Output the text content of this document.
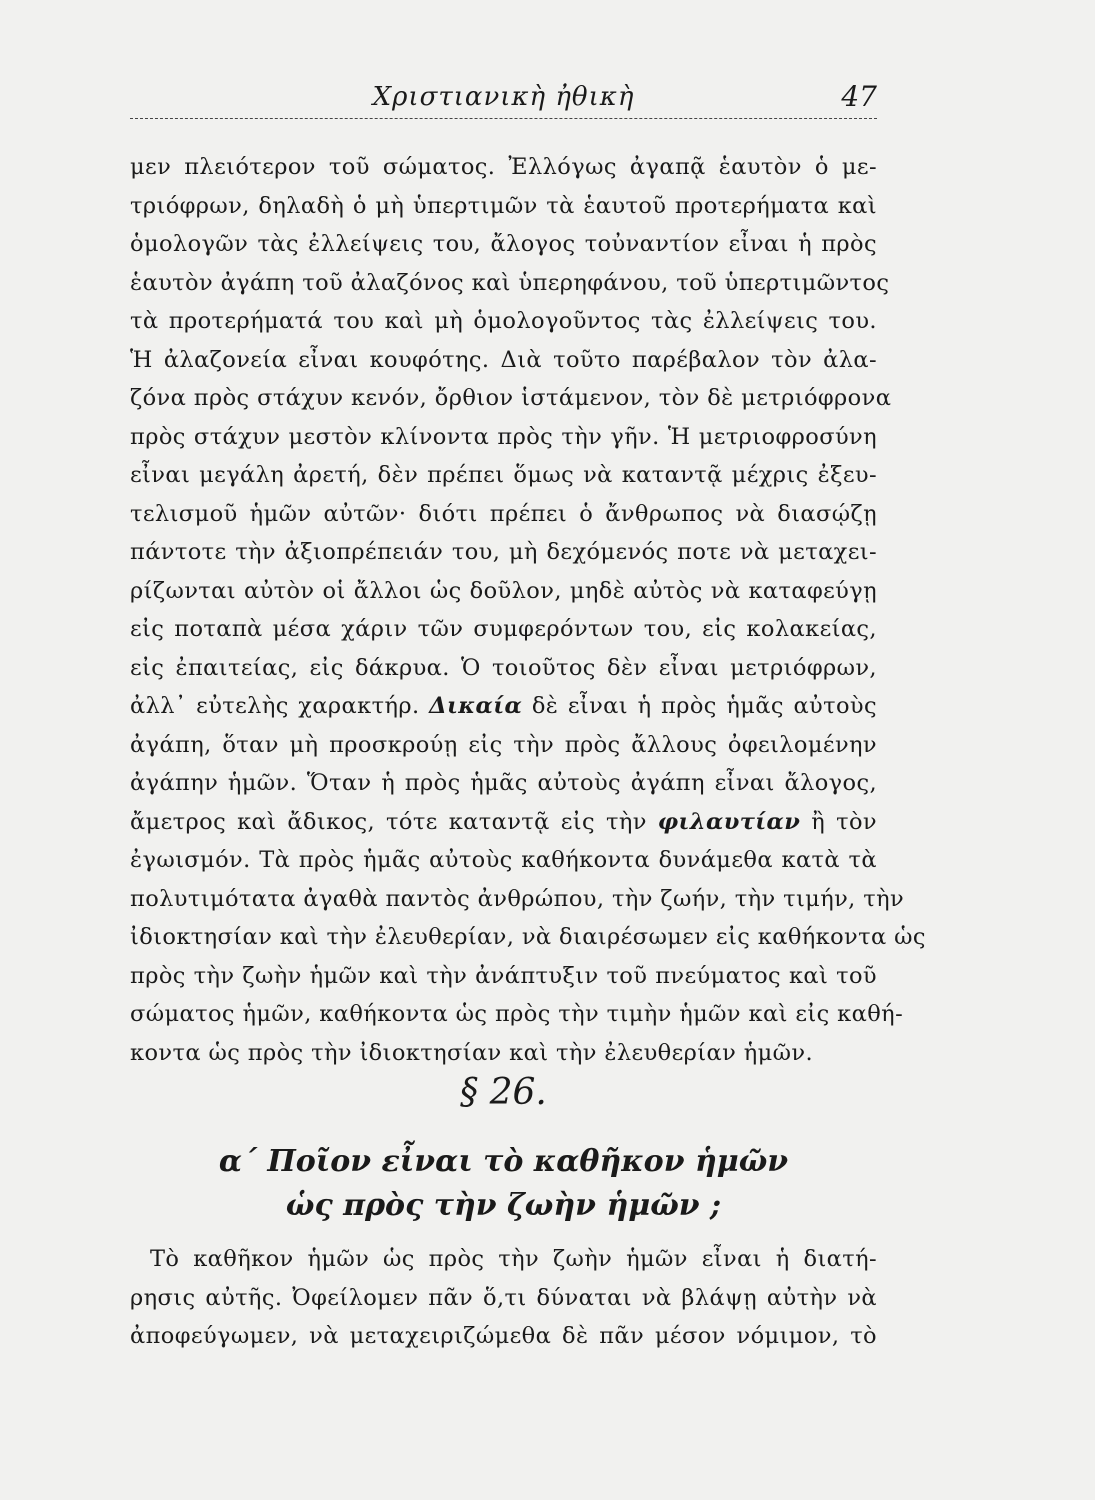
Χριστιανικὴ ἠθικὴ	47
μεν πλειότερον τοῦ σώματος. Ἐλλόγως ἀγαπᾷ ἑαυτὸν ὁ με-
τριόφρων, δηλαδὴ ὁ μὴ ὑπερτιμῶν τὰ ἑαυτοῦ προτερήματα καὶ
ὁμολογῶν τὰς ἐλλείψεις του, ἄλογος τοὐναντίον εἶναι ἡ πρὸς
ἑαυτὸν ἀγάπη τοῦ ἀλαζόνος καὶ ὑπερηφάνου, τοῦ ὑπερτιμῶντος
τὰ προτερήματά του καὶ μὴ ὁμολογοῦντος τὰς ἐλλείψεις του.
Ἡ ἀλαζονεία εἶναι κουφότης. Διὰ τοῦτο παρέβαλον τὸν ἀλα-
ζόνα πρὸς στάχυν κενόν, ὄρθιον ἱστάμενον, τὸν δὲ μετριόφρονα
πρὸς στάχυν μεστὸν κλίνοντα πρὸς τὴν γῆν. Ἡ μετριοφροσύνη
εἶναι μεγάλη ἀρετή, δὲν πρέπει ὅμως νὰ καταντᾷ μέχρις ἐξευ-
τελισμοῦ ἡμῶν αὐτῶν· διότι πρέπει ὁ ἄνθρωπος νὰ διασῴζῃ
πάντοτε τὴν ἀξιοπρέπειάν του, μὴ δεχόμενός ποτε νὰ μεταχει-
ρίζωνται αὐτὸν οἱ ἄλλοι ὡς δοῦλον, μηδὲ αὐτὸς νὰ καταφεύγῃ
εἰς ποταπὰ μέσα χάριν τῶν συμφερόντων του, εἰς κολακείας,
εἰς ἐπαιτείας, εἰς δάκρυα. Ὁ τοιοῦτος δὲν εἶναι μετριόφρων,
ἀλλ᾽ εὐτελὴς χαρακτήρ. Δικαία δὲ εἶναι ἡ πρὸς ἡμᾶς αὐτοὺς
ἀγάπη, ὅταν μὴ προσκρούῃ εἰς τὴν πρὸς ἄλλους ὀφειλομένην
ἀγάπην ἡμῶν. Ὅταν ἡ πρὸς ἡμᾶς αὐτοὺς ἀγάπη εἶναι ἄλογος,
ἄμετρος καὶ ἄδικος, τότε καταντᾷ εἰς τὴν φιλαυτίαν ἢ τὸν
ἐγωισμόν. Τὰ πρὸς ἡμᾶς αὐτοὺς καθήκοντα δυνάμεθα κατὰ τὰ
πολυτιμότατα ἀγαθὰ παντὸς ἀνθρώπου, τὴν ζωήν, τὴν τιμήν, τὴν
ἰδιοκτησίαν καὶ τὴν ἐλευθερίαν, νὰ διαιρέσωμεν εἰς καθήκοντα ὡς
πρὸς τὴν ζωὴν ἡμῶν καὶ τὴν ἀνάπτυξιν τοῦ πνεύματος καὶ τοῦ
σώματος ἡμῶν, καθήκοντα ὡς πρὸς τὴν τιμὴν ἡμῶν καὶ εἰς καθή-
κοντα ὡς πρὸς τὴν ἰδιοκτησίαν καὶ τὴν ἐλευθερίαν ἡμῶν.
§ 26.
α΄ Ποῖον εἶναι τὸ καθῆκον ἡμῶν
ὡς πρὸς τὴν ζωὴν ἡμῶν ;
Τὸ καθῆκον ἡμῶν ὡς πρὸς τὴν ζωὴν ἡμῶν εἶναι ἡ διατή-
ρησις αὐτῆς. Ὀφείλομεν πᾶν ὅ,τι δύναται νὰ βλάψῃ αὐτὴν νὰ
ἀποφεύγωμεν, νὰ μεταχειριζώμεθα δὲ πᾶν μέσον νόμιμον, τὸ
